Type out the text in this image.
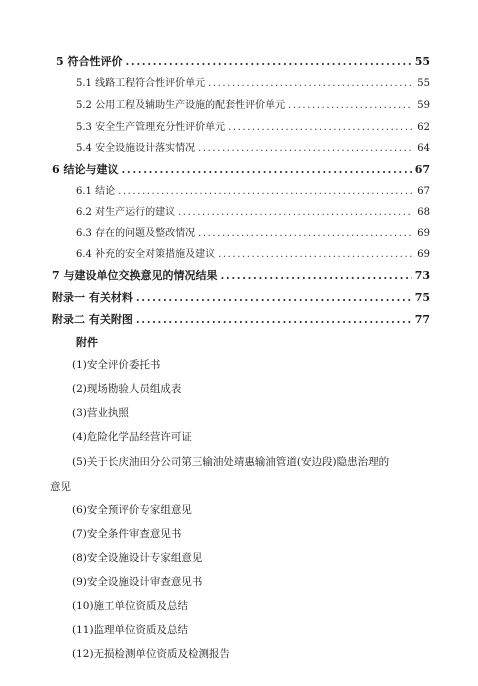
5 符合性评价 .....	55
5.1 线路工程符合性评价单元 .....	55
5.2 公用工程及辅助生产设施的配套性评价单元 .....	59
5.3 安全生产管理充分性评价单元 .....	62
5.4 安全设施设计落实情况 .....	64
6 结论与建议 .....	67
6.1 结论 .....	67
6.2 对生产运行的建议 .....	68
6.3 存在的问题及整改情况 .....	69
6.4 补充的安全对策措施及建议 .....	69
7 与建设单位交换意见的情况结果 .....	73
附录一 有关材料 .....	75
附录二 有关附图 .....	77
附件
(1)安全评价委托书
(2)现场勘验人员组成表
(3)营业执照
(4)危险化学品经营许可证
(5)关于长庆油田分公司第三输油处靖惠输油管道(安边段)隐患治理的
意见
(6)安全预评价专家组意见
(7)安全条件审查意见书
(8)安全设施设计专家组意见
(9)安全设施设计审查意见书
(10)施工单位资质及总结
(11)监理单位资质及总结
(12)无损检测单位资质及检测报告
